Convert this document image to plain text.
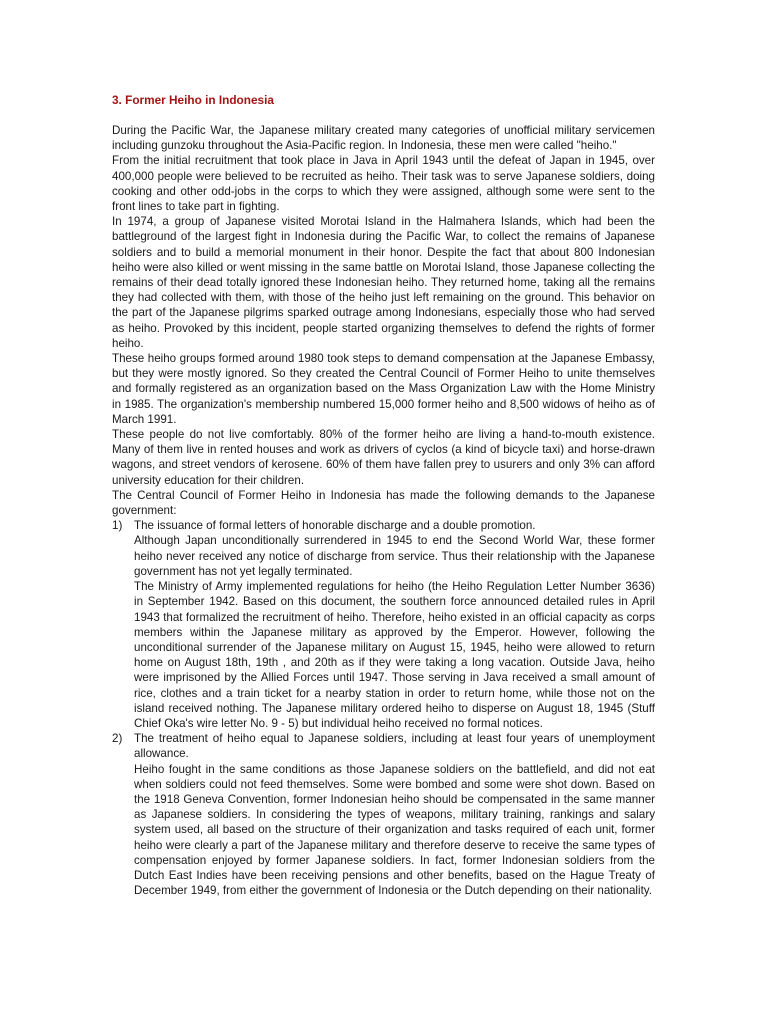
3. Former Heiho in Indonesia

During the Pacific War, the Japanese military created many categories of unofficial military servicemen including gunzoku throughout the Asia-Pacific region. In Indonesia, these men were called "heiho."

From the initial recruitment that took place in Java in April 1943 until the defeat of Japan in 1945, over 400,000 people were believed to be recruited as heiho. Their task was to serve Japanese soldiers, doing cooking and other odd-jobs in the corps to which they were assigned, although some were sent to the front lines to take part in fighting.

In 1974, a group of Japanese visited Morotai Island in the Halmahera Islands, which had been the battleground of the largest fight in Indonesia during the Pacific War, to collect the remains of Japanese soldiers and to build a memorial monument in their honor. Despite the fact that about 800 Indonesian heiho were also killed or went missing in the same battle on Morotai Island, those Japanese collecting the remains of their dead totally ignored these Indonesian heiho. They returned home, taking all the remains they had collected with them, with those of the heiho just left remaining on the ground. This behavior on the part of the Japanese pilgrims sparked outrage among Indonesians, especially those who had served as heiho. Provoked by this incident, people started organizing themselves to defend the rights of former heiho.

These heiho groups formed around 1980 took steps to demand compensation at the Japanese Embassy, but they were mostly ignored. So they created the Central Council of Former Heiho to unite themselves and formally registered as an organization based on the Mass Organization Law with the Home Ministry in 1985. The organization's membership numbered 15,000 former heiho and 8,500 widows of heiho as of March 1991.

These people do not live comfortably. 80% of the former heiho are living a hand-to-mouth existence. Many of them live in rented houses and work as drivers of cyclos (a kind of bicycle taxi) and horse-drawn wagons, and street vendors of kerosene. 60% of them have fallen prey to usurers and only 3% can afford university education for their children.

The Central Council of Former Heiho in Indonesia has made the following demands to the Japanese government:

1)	The issuance of formal letters of honorable discharge and a double promotion.

Although Japan unconditionally surrendered in 1945 to end the Second World War, these former heiho never received any notice of discharge from service. Thus their relationship with the Japanese government has not yet legally terminated.

The Ministry of Army implemented regulations for heiho (the Heiho Regulation Letter Number 3636) in September 1942. Based on this document, the southern force announced detailed rules in April 1943 that formalized the recruitment of heiho. Therefore, heiho existed in an official capacity as corps members within the Japanese military as approved by the Emperor. However, following the unconditional surrender of the Japanese military on August 15, 1945, heiho were allowed to return home on August 18th, 19th , and 20th as if they were taking a long vacation. Outside Java, heiho were imprisoned by the Allied Forces until 1947. Those serving in Java received a small amount of rice, clothes and a train ticket for a nearby station in order to return home, while those not on the island received nothing. The Japanese military ordered heiho to disperse on August 18, 1945 (Stuff Chief Oka's wire letter No. 9 - 5) but individual heiho received no formal notices.

2)	The treatment of heiho equal to Japanese soldiers, including at least four years of unemployment allowance.

Heiho fought in the same conditions as those Japanese soldiers on the battlefield, and did not eat when soldiers could not feed themselves. Some were bombed and some were shot down. Based on the 1918 Geneva Convention, former Indonesian heiho should be compensated in the same manner as Japanese soldiers. In considering the types of weapons, military training, rankings and salary system used, all based on the structure of their organization and tasks required of each unit, former heiho were clearly a part of the Japanese military and therefore deserve to receive the same types of compensation enjoyed by former Japanese soldiers. In fact, former Indonesian soldiers from the Dutch East Indies have been receiving pensions and other benefits, based on the Hague Treaty of December 1949, from either the government of Indonesia or the Dutch depending on their nationality.
